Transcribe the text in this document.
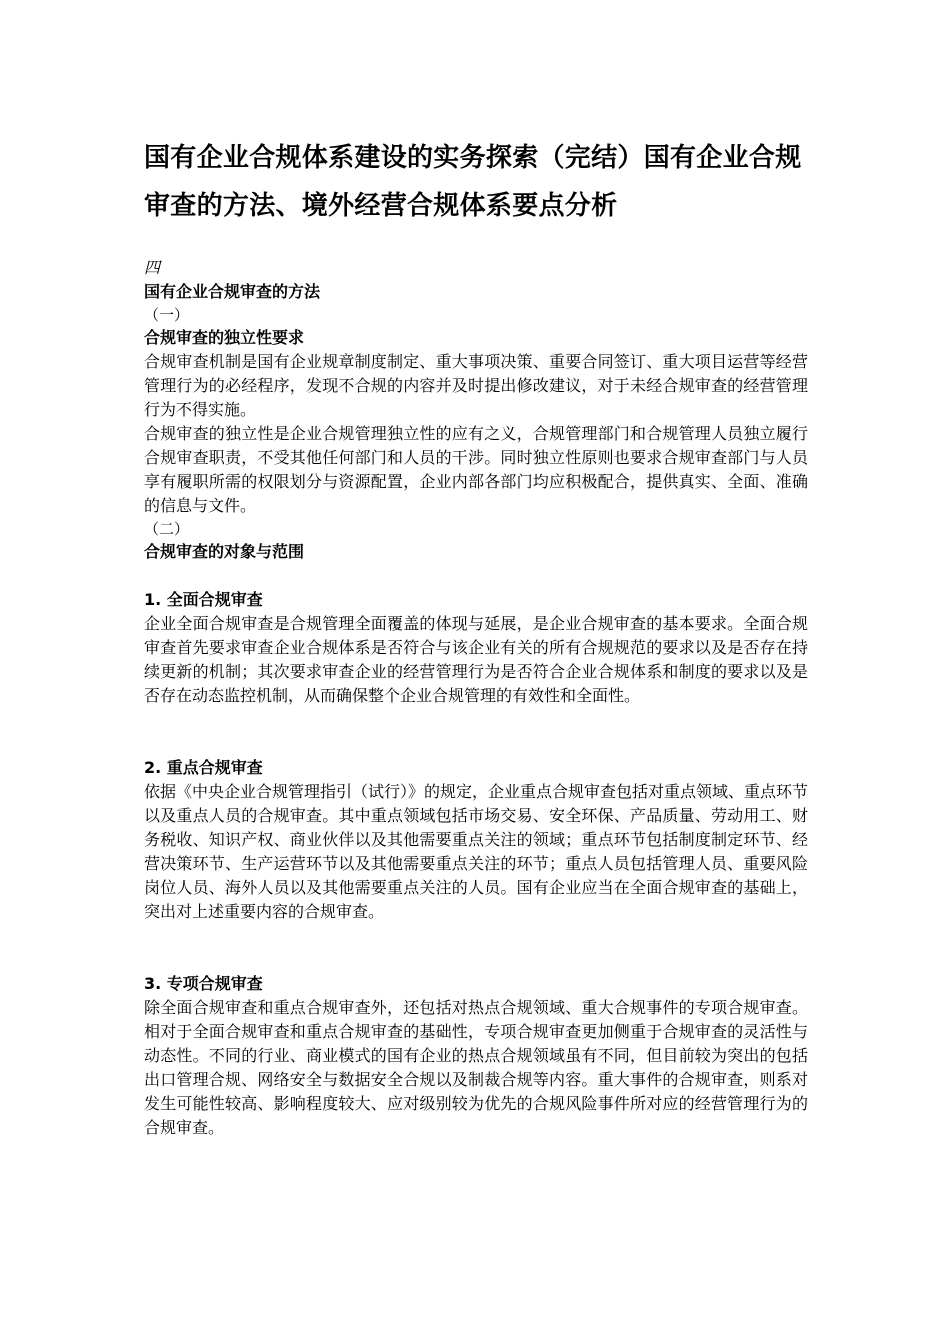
国有企业合规体系建设的实务探索（完结）国有企业合规审查的方法、境外经营合规体系要点分析
四
国有企业合规审查的方法
（一）
合规审查的独立性要求

合规审查机制是国有企业规章制度制定、重大事项决策、重要合同签订、重大项目运营等经营管理行为的必经程序，发现不合规的内容并及时提出修改建议，对于未经合规审查的经营管理行为不得实施。

合规审查的独立性是企业合规管理独立性的应有之义，合规管理部门和合规管理人员独立履行合规审查职责，不受其他任何部门和人员的干涉。同时独立性原则也要求合规审查部门与人员享有履职所需的权限划分与资源配置，企业内部各部门均应积极配合，提供真实、全面、准确的信息与文件。

（二）
合规审查的对象与范围
1. 全面合规审查

企业全面合规审查是合规管理全面覆盖的体现与延展，是企业合规审查的基本要求。全面合规审查首先要求审查企业合规体系是否符合与该企业有关的所有合规规范的要求以及是否存在持续更新的机制；其次要求审查企业的经营管理行为是否符合企业合规体系和制度的要求以及是否存在动态监控机制，从而确保整个企业合规管理的有效性和全面性。

2. 重点合规审查

依据《中央企业合规管理指引（试行）》的规定，企业重点合规审查包括对重点领域、重点环节以及重点人员的合规审查。其中重点领域包括市场交易、安全环保、产品质量、劳动用工、财务税收、知识产权、商业伙伴以及其他需要重点关注的领域；重点环节包括制度制定环节、经营决策环节、生产运营环节以及其他需要重点关注的环节；重点人员包括管理人员、重要风险岗位人员、海外人员以及其他需要重点关注的人员。国有企业应当在全面合规审查的基础上，突出对上述重要内容的合规审查。

3. 专项合规审查

除全面合规审查和重点合规审查外，还包括对热点合规领域、重大合规事件的专项合规审查。相对于全面合规审查和重点合规审查的基础性，专项合规审查更加侧重于合规审查的灵活性与动态性。不同的行业、商业模式的国有企业的热点合规领域虽有不同，但目前较为突出的包括出口管理合规、网络安全与数据安全合规以及制裁合规等内容。重大事件的合规审查，则系对发生可能性较高、影响程度较大、应对级别较为优先的合规风险事件所对应的经营管理行为的合规审查。
